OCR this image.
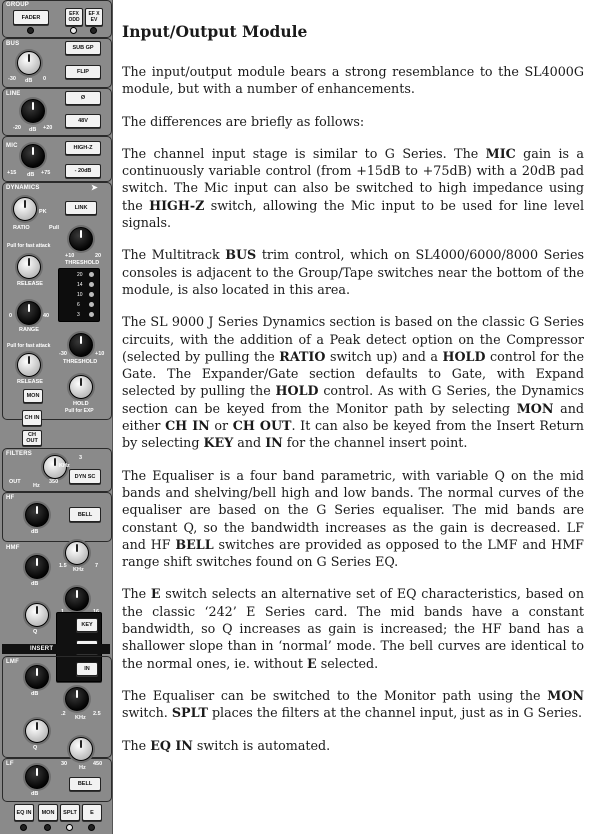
GROUP
FADER
EFX ODD
EF X EV
BUS
-30 dB 0
SUB GP
FLIP
LINE
-20 dB +20
Ø
48V
MIC
+15 dB +75
HIGH-Z
- 20dB
DYNAMICS	➤
RATIO
PK
LINK
Pull
+10	20
THRESHOLD
Pull for fast attack
RELEASE
0	40
RANGE
Pull for fast attack
RELEASE
-30	+10
THRESHOLD
MON
HOLD
Pull for EXP
20
14
10
6
3
CH IN
CH OUT
FILTERS
OUT
Hz
350
KHz
3
DYN SC
HF
dB
BELL
1.5
KHz
7
HMF
dB
Q
KEY
IN
INSERT
LMF
dB
.2
KHz
2.5
Q
LF
dB
30
Hz
450
BELL
EQ IN	MON	SPLT	E
Input/Output Module

The input/output module bears a strong resemblance to the SL4000G module, but with a number of enhancements.

The differences are briefly as follows:

The channel input stage is similar to G Series. The MIC gain is a continuously variable control (from +15dB to +75dB) with a 20dB pad switch. The Mic input can also be switched to high impedance using the HIGH-Z switch, allowing the Mic input to be used for line level signals.

The Multitrack BUS trim control, which on SL4000/6000/8000 Series consoles is adjacent to the Group/Tape switches near the bottom of the module, is also located in this area.

The SL 9000 J Series Dynamics section is based on the classic G Series circuits, with the addition of a Peak detect option on the Compressor (selected by pulling the RATIO switch up) and a HOLD control for the Gate. The Expander/Gate section defaults to Gate, with Expand selected by pulling the HOLD control. As with G Series, the Dynamics section can be keyed from the Monitor path by selecting MON and either CH IN or CH OUT. It can also be keyed from the Insert Return by selecting KEY and IN for the channel insert point.

The Equaliser is a four band parametric, with variable Q on the mid bands and shelving/bell high and low bands. The normal curves of the equaliser are based on the G Series equaliser. The mid bands are constant Q, so the bandwidth increases as the gain is decreased. LF and HF BELL switches are provided as opposed to the LMF and HMF range shift switches found on G Series EQ.

The E switch selects an alternative set of EQ characteristics, based on the classic ‘242’ E Series card. The mid bands have a constant bandwidth, so Q increases as gain is increased; the HF band has a shallower slope than in ‘normal’ mode. The bell curves are identical to the normal ones, ie. without E selected.

The Equaliser can be switched to the Monitor path using the MON switch. SPLT places the filters at the channel input, just as in G Series.

The EQ IN switch is automated.
